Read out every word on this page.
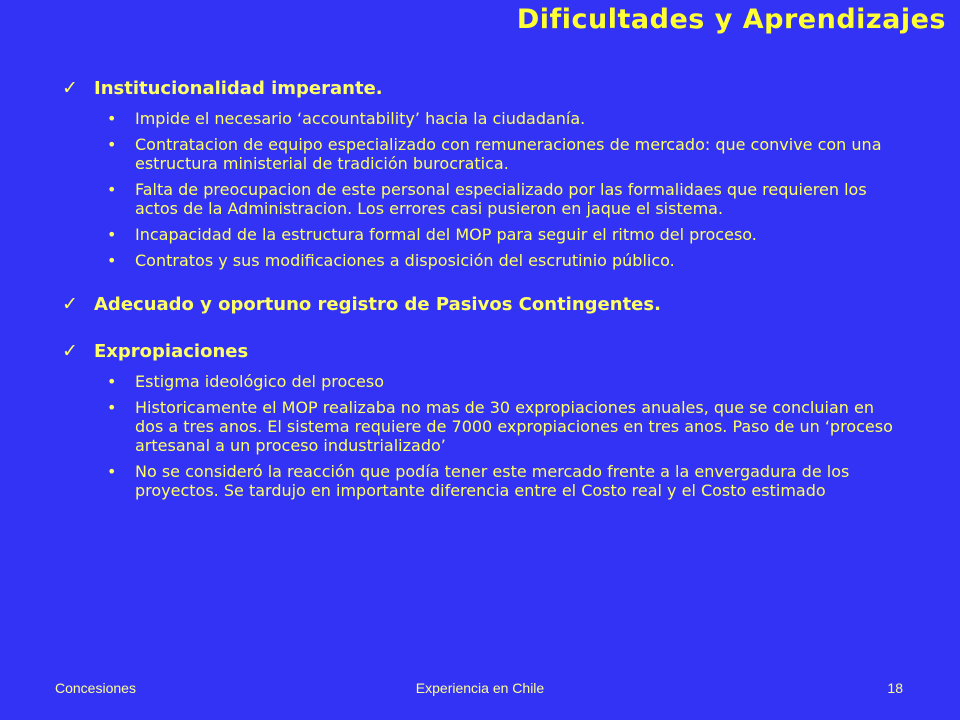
Dificultades y Aprendizajes
✓ Institucionalidad imperante.
• Impide el necesario ‘accountability’ hacia la ciudadanía.
• Contratacion de equipo especializado con remuneraciones de mercado: que convive con una estructura ministerial de tradición burocratica.
• Falta de preocupacion de este personal especializado por las formalidaes que requieren los actos de la Administracion. Los errores casi pusieron en jaque el sistema.
• Incapacidad de la estructura formal del MOP para seguir el ritmo del proceso.
• Contratos y sus modificaciones a disposición del escrutinio público.
✓ Adecuado y oportuno registro de Pasivos Contingentes.
✓ Expropiaciones
• Estigma ideológico del proceso
• Historicamente el MOP realizaba no mas de 30 expropiaciones anuales, que se concluian en dos a tres anos. El sistema requiere de 7000 expropiaciones en tres anos. Paso de un ‘proceso artesanal a un proceso industrializado’
• No se consideró la reacción que podía tener este mercado frente a la envergadura de los proyectos. Se tardujo en importante diferencia entre el Costo real y el Costo estimado
Concesiones	Experiencia en Chile	18
